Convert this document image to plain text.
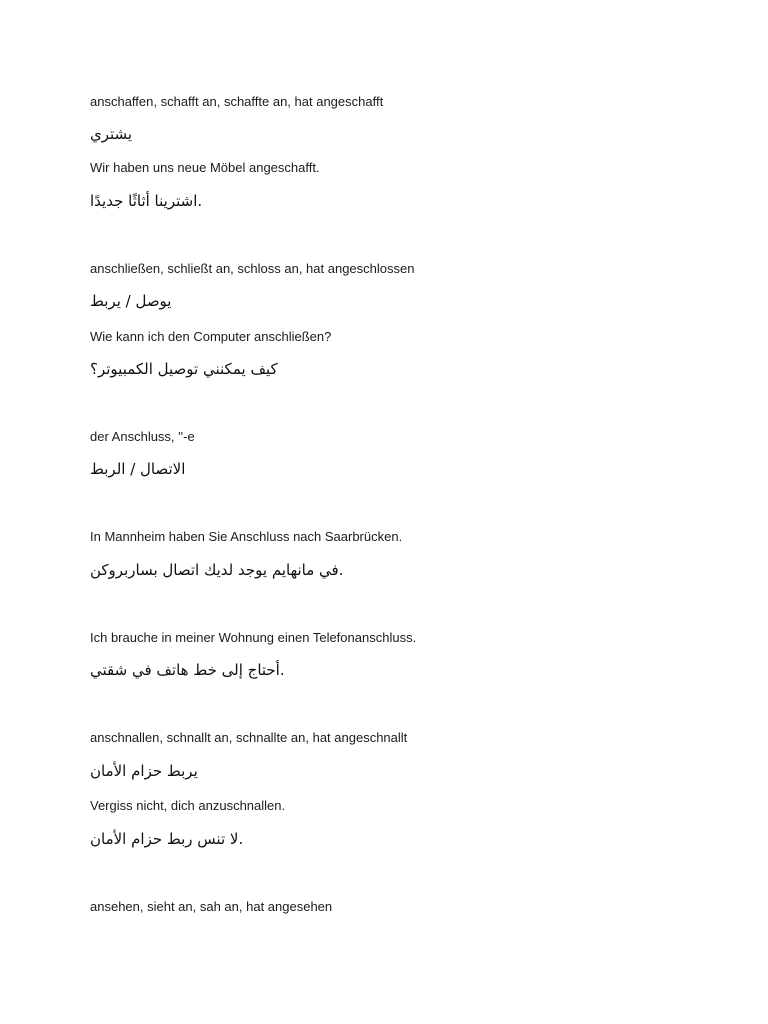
anschaffen, schafft an, schaffte an, hat angeschafft
يشتري
Wir haben uns neue Möbel angeschafft.
.اشترينا أثاثًا جديدًا
anschließen, schließt an, schloss an, hat angeschlossen
يوصل / يربط
Wie kann ich den Computer anschließen?
كيف يمكنني توصيل الكمبيوتر؟
der Anschluss, ''-e
الاتصال / الربط
In Mannheim haben Sie Anschluss nach Saarbrücken.
.في مانهايم يوجد لديك اتصال بساربروكن
Ich brauche in meiner Wohnung einen Telefonanschluss.
.أحتاج إلى خط هاتف في شقتي
anschnallen, schnallt an, schnallte an, hat angeschnallt
يربط حزام الأمان
Vergiss nicht, dich anzuschnallen.
.لا تنس ربط حزام الأمان
ansehen, sieht an, sah an, hat angesehen
